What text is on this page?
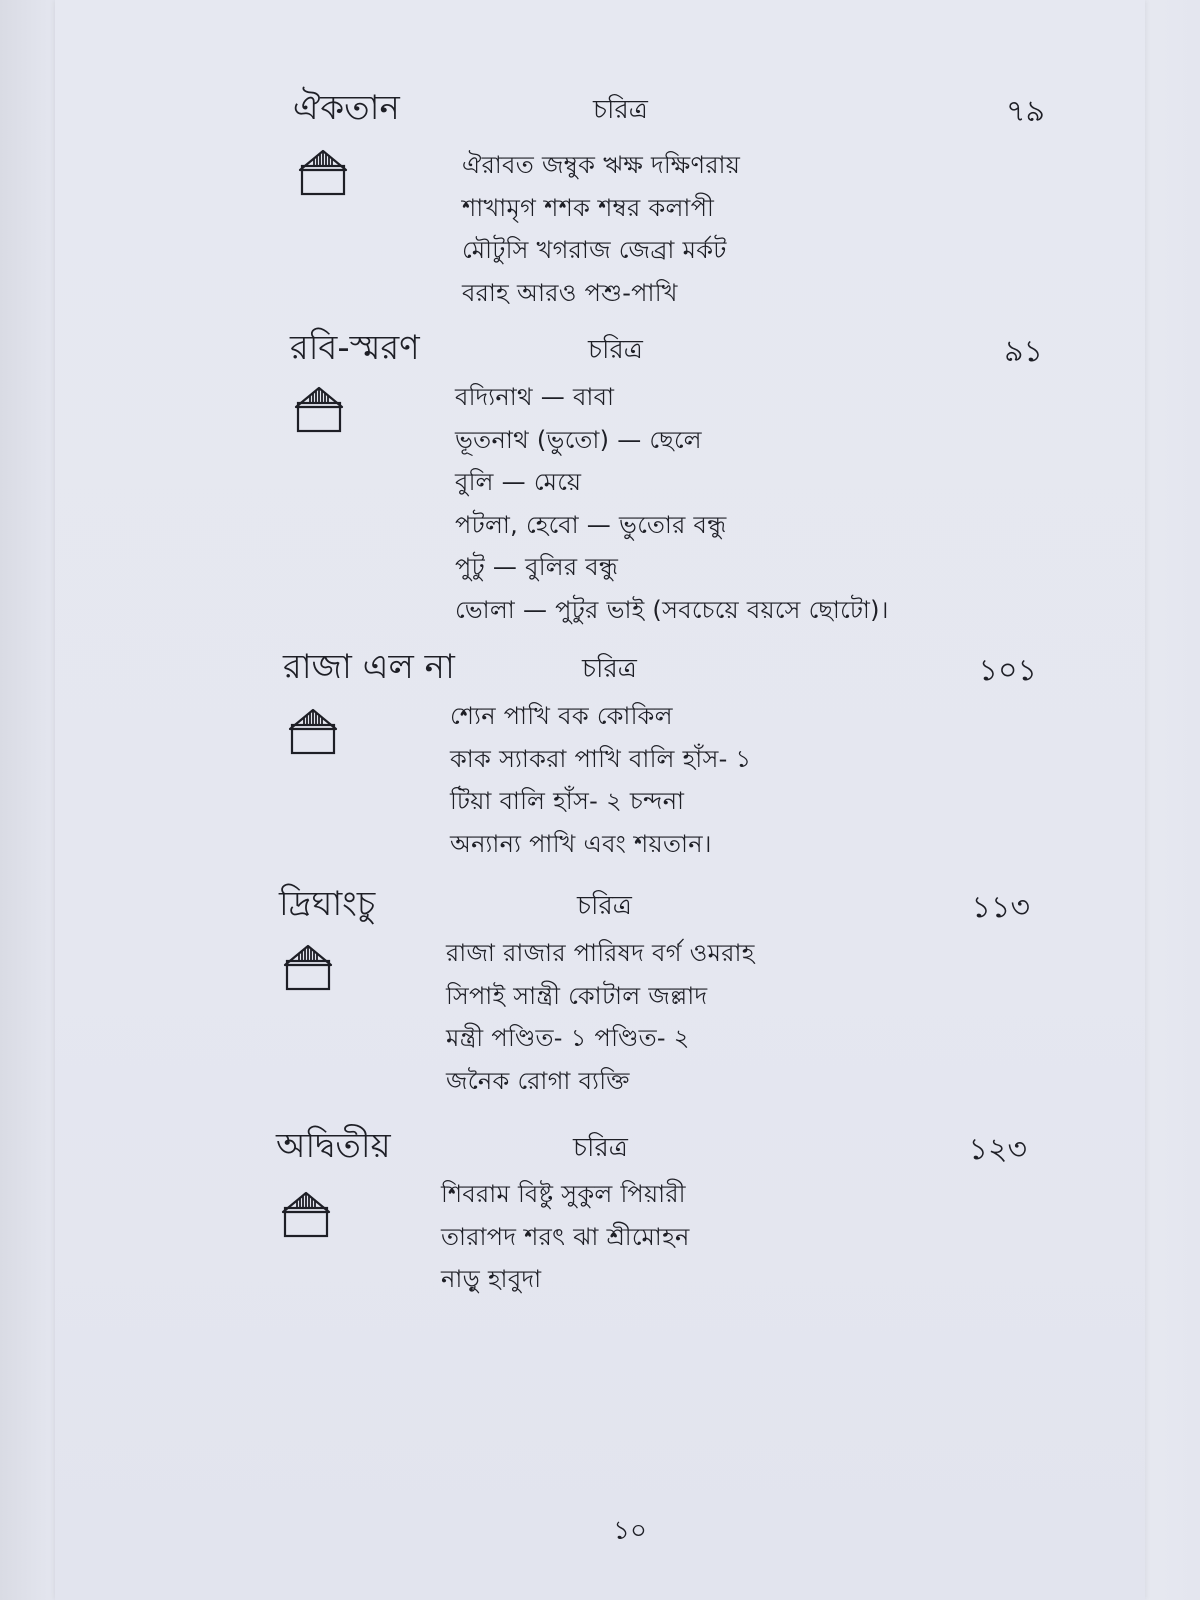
ঐকতান	চরিত্র	৭৯
ঐরাবত জম্বুক ঋক্ষ দক্ষিণরায়
শাখামৃগ শশক শম্বর কলাপী
মৌটুসি খগরাজ জেব্রা মর্কট
বরাহ আরও পশু-পাখি
রবি-স্মরণ	চরিত্র	৯১
বদ্যিনাথ — বাবা
ভূতনাথ (ভুতো) — ছেলে
বুলি — মেয়ে
পটলা, হেবো — ভুতোর বন্ধু
পুটু — বুলির বন্ধু
ভোলা — পুটুর ভাই (সবচেয়ে বয়সে ছোটো)।
রাজা এল না	চরিত্র	১০১
শ্যেন পাখি বক কোকিল
কাক স্যাকরা পাখি বালি হাঁস- ১
টিয়া বালি হাঁস- ২ চন্দনা
অন্যান্য পাখি এবং শয়তান।
দ্রিঘাংচু	চরিত্র	১১৩
রাজা রাজার পারিষদ বর্গ ওমরাহ
সিপাই সান্ত্রী কোটাল জল্লাদ
মন্ত্রী পণ্ডিত- ১ পণ্ডিত- ২
জনৈক রোগা ব্যক্তি
অদ্বিতীয়	চরিত্র	১২৩
শিবরাম বিষ্টু সুকুল পিয়ারী
তারাপদ শরৎ ঝা শ্রীমোহন
নাড়ু হাবুদা
১০
